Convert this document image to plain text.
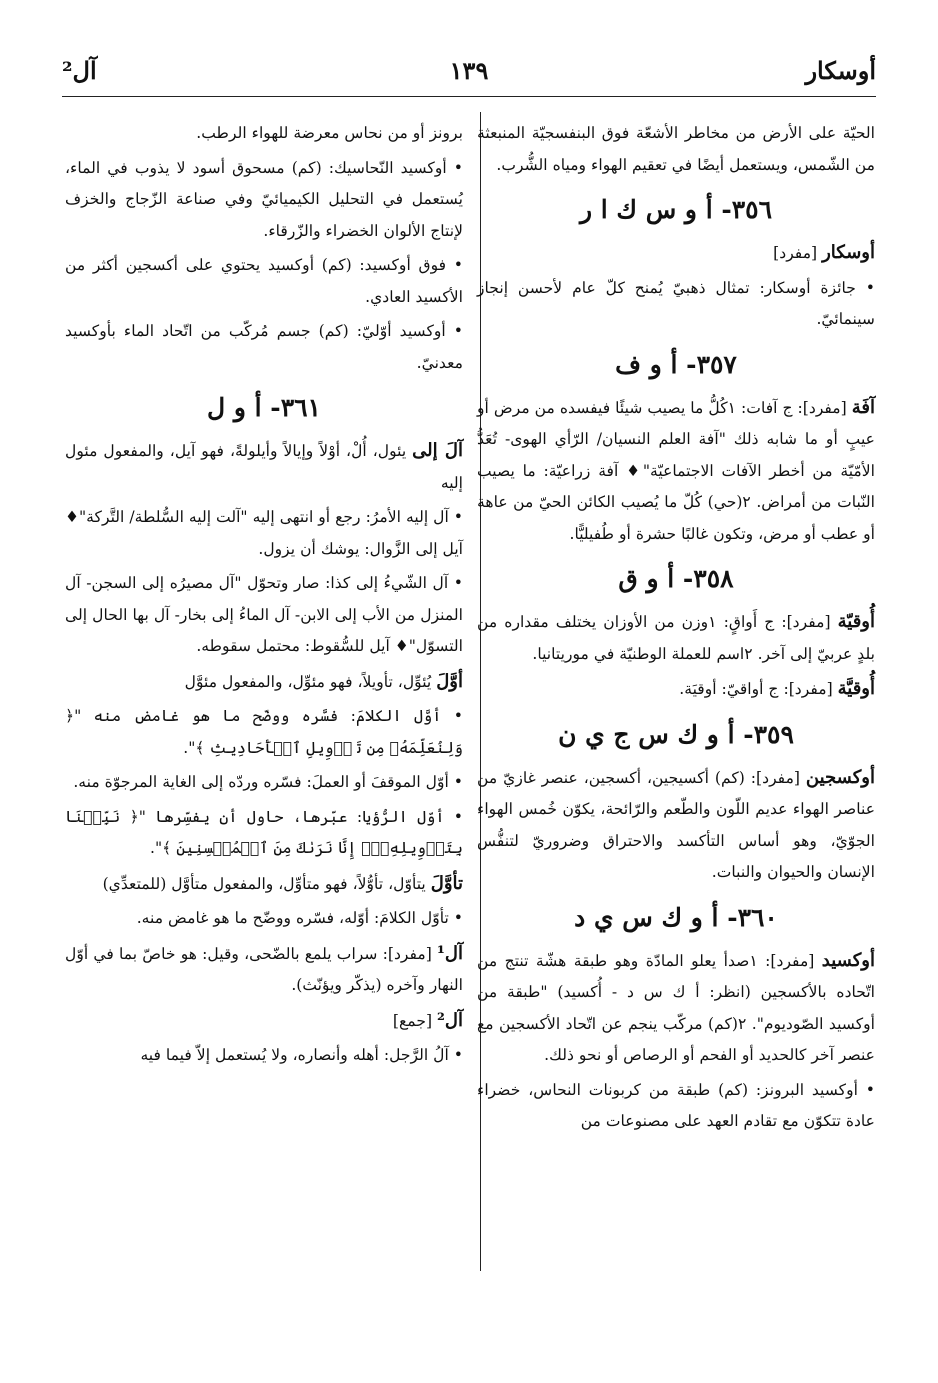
أوسكار
١٣٩
آل²

الحيّة على الأرض من مخاطر الأشعّة فوق البنفسجيّة المنبعثة من الشّمس، ويستعمل أيضًا في تعقيم الهواء ومياه الشُّرب.

٣٥٦- أ و س ك ا ر

أوسكار [مفرد]

• جائزة أوسكار: تمثال ذهبيّ يُمنح كلّ عام لأحسن إنجاز سينمائيّ.

٣٥٧- أ و ف

آفَة [مفرد]: ج آفات: ١كُلُّ ما يصيب شيئًا فيفسده من مرض أو عيبٍ أو ما شابه ذلك "آفة العلم النسيان/ الرّأي الهوى- تُعَدُّ الأمّيّة من أخطر الآفات الاجتماعيّة"♦ آفة زراعيّة: ما يصيب النّبات من أمراض. ٢(حي) كُلّ ما يُصيب الكائن الحيّ من عاهة أو عطب أو مرض، وتكون غالبًا حشرة أو طُفيليًّا.

٣٥٨- أ و ق

أُوقيّة [مفرد]: ج أَواقٍ: ١وزن من الأوزان يختلف مقداره من بلدٍ عربيّ إلى آخر. ٢اسم للعملة الوطنيّة في موريتانيا.

أُوقيَّة [مفرد]: ج أواقيّ: أوقيَة.

٣٥٩- أ و ك س ج ي ن

أوكسجين [مفرد]: (كم) أكسيجين، أكسجين، عنصر غازيّ من عناصر الهواء عديم اللّون والطّعم والرّائحة، يكوّن خُمس الهواء الجوّيّ، وهو أساس التأكسد والاحتراق وضروريّ لتنفُّس الإنسان والحيوان والنبات.

٣٦٠- أ و ك س ي د

أوكسيد [مفرد]: ١صدأ يعلو المادّة وهو طبقة هشّة تنتج من اتّحاده بالأكسجين (انظر: أ ك س د - أُكسيد) "طبقة من أوكسيد الصّوديوم". ٢(كم) مركّب ينجم عن اتّحاد الأكسجين مع عنصر آخر كالحديد أو الفحم أو الرصاص أو نحو ذلك.

• أوكسيد البرونز: (كم) طبقة من كربونات النحاس، خضراء عادة تتكوّن مع تقادم العهد على مصنوعات من

برونز أو من نحاس معرضة للهواء الرطب.

• أوكسيد النّحاسيك: (كم) مسحوق أسود لا يذوب في الماء، يُستعمل في التحليل الكيميائيّ وفي صناعة الزّجاج والخزف لإنتاج الألوان الخضراء والزّرقاء.

• فوق أوكسيد: (كم) أوكسيد يحتوي على أكسجين أكثر من الأكسيد العادي.

• أوكسيد أوّليّ: (كم) جسم مُركّب من اتّحاد الماء بأوكسيد معدنيّ.

٣٦١- أ و ل

آلَ إلى يئول، أُلْ، أوْلاً وإيالاً وأيلولةً، فهو آيل، والمفعول مئول إليه

• آل إليه الأمرُ: رجع أو انتهى إليه "آلت إليه السُّلطة/ التَّركة"♦ آيل إلى الزَّوال: يوشك أن يزول.

• آل الشّيءُ إلى كذا: صار وتحوّل "آل مصيرُه إلى السجن- آل المنزل من الأب إلى الابن- آل الماءُ إلى بخار- آل بها الحال إلى التسوّل"♦ آيل للسُّقوط: محتمل سقوطه.

أوَّلَ يُئوِّل، تأويلاً، فهو مئوِّل، والمفعول مئوَّل

• أوَّل الكلامَ: فسَّره ووضّح ما هو غامض منه "﴿ وَلِنُعَلِّمَهُۥ مِن تَأۡوِيلِ ٱلۡأَحَادِيثِ ﴾".

• أوّل الموقفَ أو العملَ: فسّره وردّه إلى الغاية المرجوّة منه.

• أوّل الرُّؤيا: عبّرها، حاول أن يفسِّرها "﴿ نَبِّئۡنَا بِتَأۡوِيلِهِۦٓۖ إِنَّا نَرَىٰكَ مِنَ ٱلۡمُحۡسِنِينَ ﴾".

تأوَّلَ يتأوّل، تأوُّلاً، فهو متأوِّل، والمفعول متأوَّل (للمتعدِّي)

• تأوّل الكلامَ: أوّله، فسّره ووضّح ما هو غامض منه.

آل¹ [مفرد]: سراب يلمع بالضّحى، وقيل: هو خاصّ بما في أوّل النهار وآخره (يذكّر ويؤنّث).

آل² [جمع]

• آلُ الرَّجل: أهله وأنصاره، ولا يُستعمل إلاّ فيما فيه
